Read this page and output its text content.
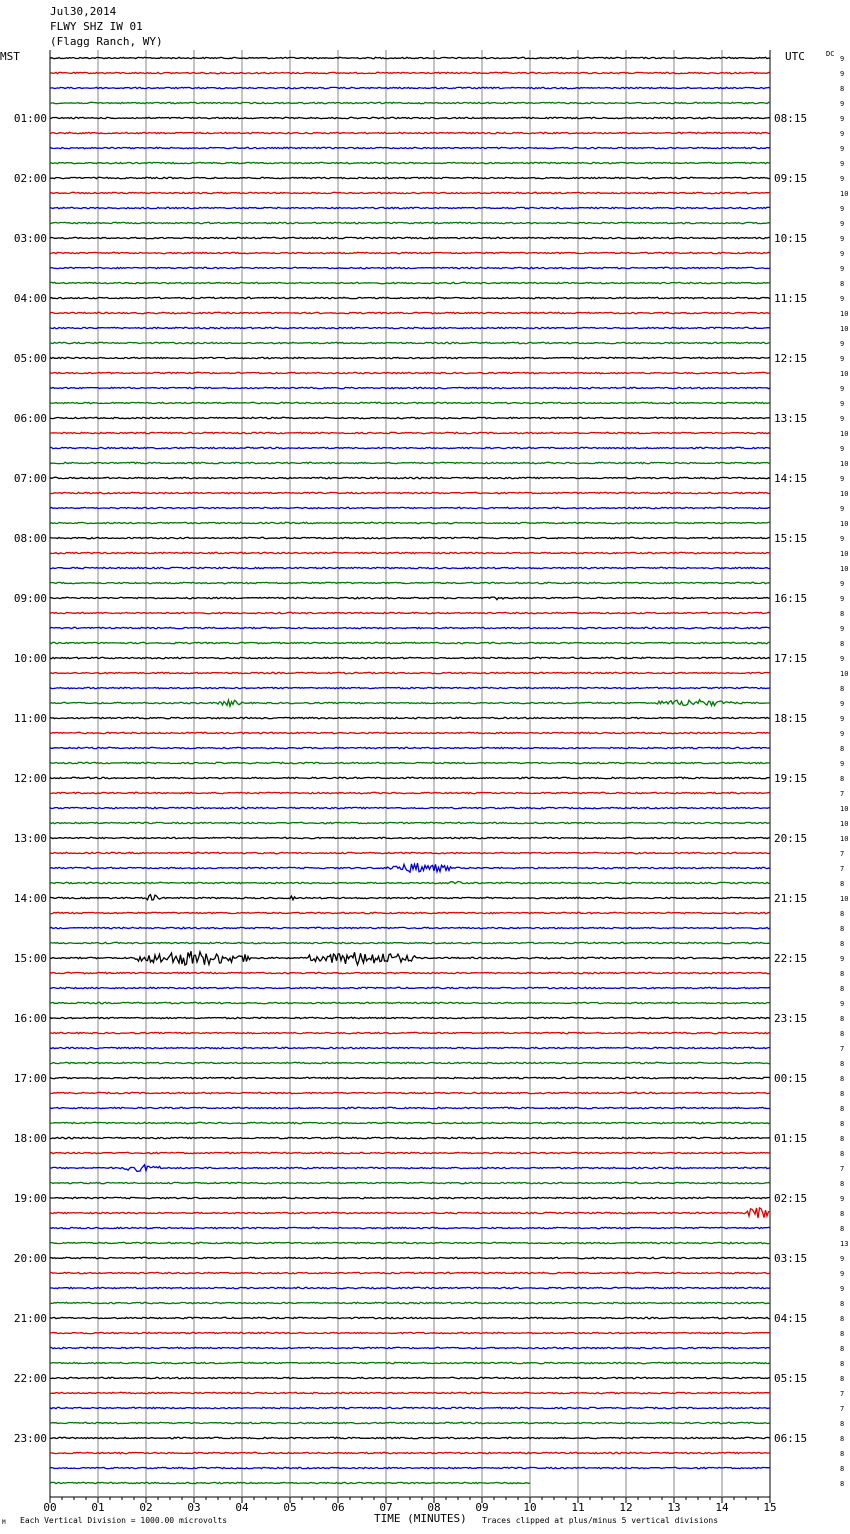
Jul30,2014
FLWY SHZ IW 01
(Flagg Ranch, WY)
MST	UTC	DC
00	01	02	03	04	05	06	07	08	09	10	11	12	13	14	15
9
9
8
9
9
9
9
9
9
10
9
9
9
9
9
8
9
10
10
9
9
10
9
9
9
10
9
10
9
10
9
10
9
10
10
9
9
8
9
8
9
10
8
9
9
9
8
9
8
7
10
10
10
7
7
8
10
8
8
8
9
8
8
9
8
8
7
8
8
8
8
8
8
8
7
8
9
8
8
13
9
9
9
8
8
8
8
8
8
7
7
8
8
8
8
8
01:00
02:00
03:00
04:00
05:00
06:00
07:00
08:00
09:00
10:00
11:00
12:00
13:00
14:00
15:00
16:00
17:00
18:00
19:00
20:00
21:00
22:00
23:00
08:15
09:15
10:15
11:15
12:15
13:15
14:15
15:15
16:15
17:15
18:15
19:15
20:15
21:15
22:15
23:15
00:15
01:15
02:15
03:15
04:15
05:15
06:15
M Each Vertical Division = 1000.00 microvolts	TIME (MINUTES) Traces clipped at plus/minus 5 vertical divisions
